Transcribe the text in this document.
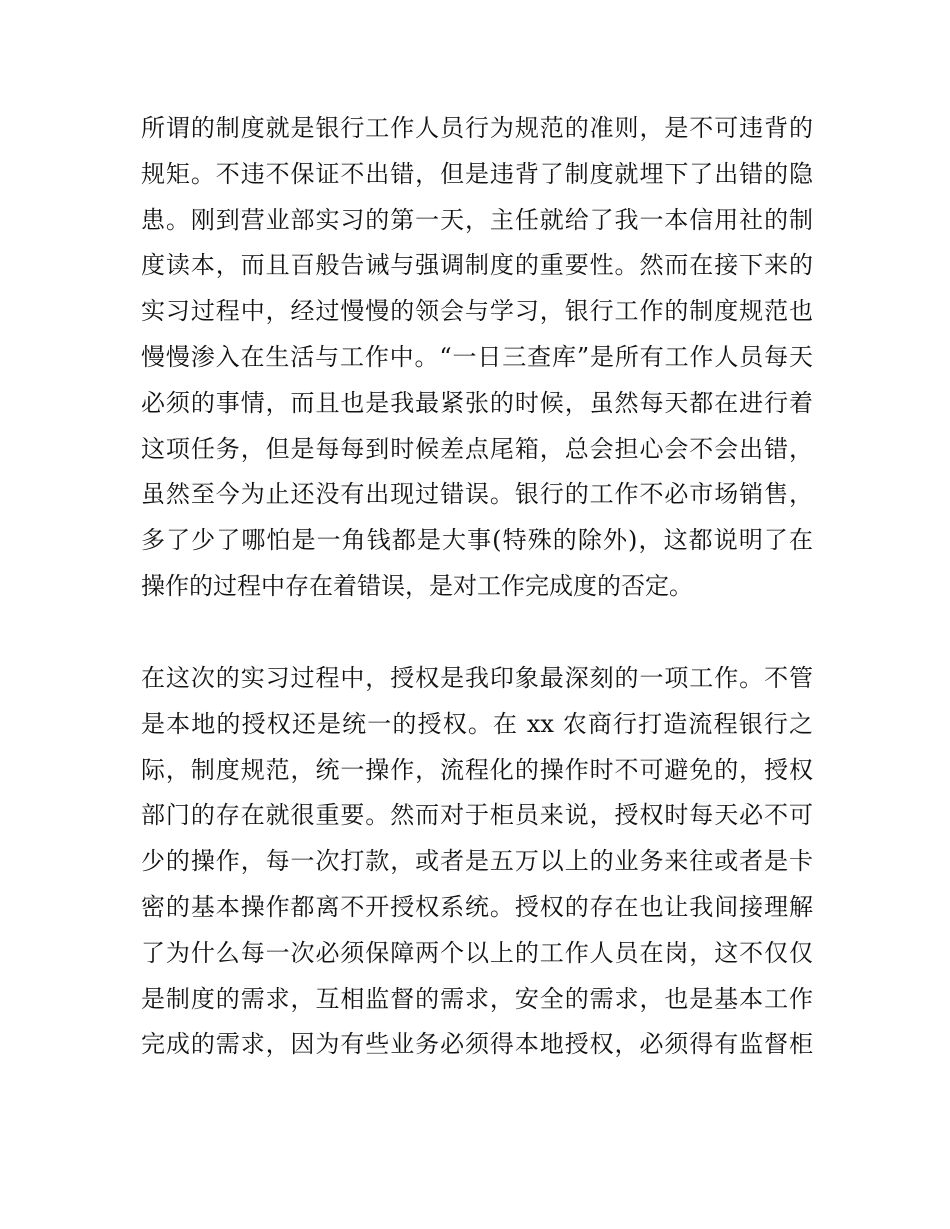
所谓的制度就是银行工作人员行为规范的准则，是不可违背的
规矩。不违不保证不出错，但是违背了制度就埋下了出错的隐
患。刚到营业部实习的第一天，主任就给了我一本信用社的制
度读本，而且百般告诫与强调制度的重要性。然而在接下来的
实习过程中，经过慢慢的领会与学习，银行工作的制度规范也
慢慢渗入在生活与工作中。“一日三查库”是所有工作人员每天
必须的事情，而且也是我最紧张的时候，虽然每天都在进行着
这项任务，但是每每到时候差点尾箱，总会担心会不会出错，
虽然至今为止还没有出现过错误。银行的工作不必市场销售，
多了少了哪怕是一角钱都是大事(特殊的除外)，这都说明了在
操作的过程中存在着错误，是对工作完成度的否定。
在这次的实习过程中，授权是我印象最深刻的一项工作。不管
是本地的授权还是统一的授权。在 xx 农商行打造流程银行之
际，制度规范，统一操作，流程化的操作时不可避免的，授权
部门的存在就很重要。然而对于柜员来说，授权时每天必不可
少的操作，每一次打款，或者是五万以上的业务来往或者是卡
密的基本操作都离不开授权系统。授权的存在也让我间接理解
了为什么每一次必须保障两个以上的工作人员在岗，这不仅仅
是制度的需求，互相监督的需求，安全的需求，也是基本工作
完成的需求，因为有些业务必须得本地授权，必须得有监督柜
